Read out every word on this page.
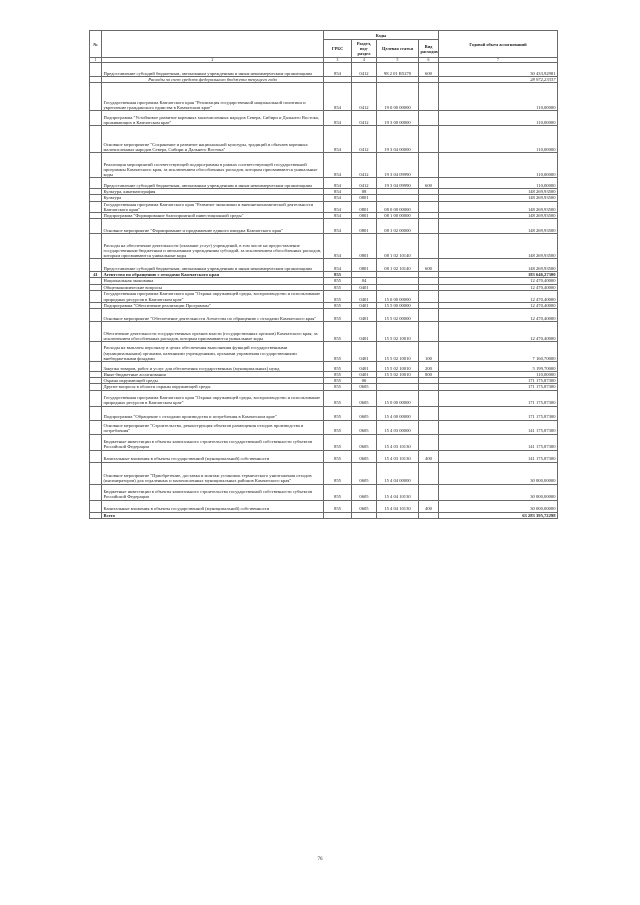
№		Коды				Годовой объем ассигнований
		ГРБС	Раздел, под-раздел	Целевая статья	Вид расходов	
1	2	3	4	5	6	7
	Предоставление субсидий бюджетным, автономным учреждениям и иным некоммерческим организациям	854	0412	98 2 01 R5270	600	30 433,92981
	Расходы за счет средств федерального бюджета текущего года					28 972,23337
	Государственная программа Камчатского края "Реализация государственной национальной политики и укрепление гражданского единства в Камчатском крае"	854	0412	19 0 00 00000		110,00000
	Подпрограмма "Устойчивое развитие коренных малочисленных народов Севера, Сибири и Дальнего Востока, проживающих в Камчатском крае"	854	0412	19 3 00 00000		110,00000
	Основное мероприятие "Сохранение и развитие национальной культуры, традиций и обычаев коренных малочисленных народов Севера, Сибири и Дальнего Востока"	854	0412	19 3 04 00000		110,00000
	Реализация мероприятий соответствующей подпрограммы в рамках соответствующей государственной программы Камчатского края, за исключением обособленных расходов, которым присваиваются уникальные коды	854	0412	19 3 04 09990		110,00000
	Предоставление субсидий бюджетным, автономным учреждениям и иным некоммерческим организациям	854	0412	19 3 04 09990	600	110,00000
	Культура, кинематография	854	08			148 269,93500
	Культура	854	0801			148 269,93500
	Государственная программа Камчатского края "Развитие экономики и внешнеэкономической деятельности Камчатского края"	854	0801	08 0 00 00000		148 269,93500
	Подпрограмма "Формирование благоприятной инвестиционной среды"	854	0801	08 1 00 00000		148 269,93500
	Основное мероприятие "Формирование и продвижение единого имиджа Камчатского края"	854	0801	08 1 02 00000		148 269,93500
	Расходы на обеспечение деятельности (оказание услуг) учреждений, в том числе на предоставление государственным бюджетным и автономным учреждениям субсидий, за исключением обособленных расходов, которым присваиваются уникальные коды	854	0801	08 1 02 10140		148 269,93500
	Предоставление субсидий бюджетным, автономным учреждениям и иным некоммерческим организациям	854	0801	08 1 02 10140	600	148 269,93500
41	Агентство по обращению с отходами Камчатского края	855				183 646,27300
	Национальная экономика	855	04			12 470,40000
	Общеэкономические вопросы	855	0401			12 470,40000
	Государственная программа Камчатского края "Охрана окружающей среды, воспроизводство и использование природных ресурсов в Камчатском крае"	855	0401	15 0 00 00000		12 470,40000
	Подпрограмма "Обеспечение реализации Программы"	855	0401	15 5 00 00000		12 470,40000
	Основное мероприятие "Обеспечение деятельности Агентства по обращению с отходами Камчатского края"	855	0401	15 5 02 00000		12 470,40000
	Обеспечение деятельности государственных органов власти (государственных органов) Камчатского края, за исключением обособленных расходов, которым присваиваются уникальные коды	855	0401	15 5 02 10010		12 470,40000
	Расходы на выплаты персоналу в целях обеспечения выполнения функций государственными (муниципальными) органами, казенными учреждениями, органами управления государственными внебюджетными фондами	855	0401	15 5 02 10010	100	7 160,70000
	Закупка товаров, работ и услуг для обеспечения государственных (муниципальных) нужд	855	0401	15 5 02 10010	200	5 199,70000
	Иные бюджетные ассигнования	855	0401	15 5 02 10010	800	110,00000
	Охрана окружающей среды	855	06			171 175,87300
	Другие вопросы в области охраны окружающей среды	855	0605			171 175,87300
	Государственная программа Камчатского края "Охрана окружающей среды, воспроизводство и использование природных ресурсов в Камчатском крае"	855	0605	15 0 00 00000		171 175,87300
	Подпрограмма "Обращение с отходами производства и потребления в Камчатском крае"	855	0605	15 4 00 00000		171 175,87300
	Основное мероприятие "Строительство, реконструкция объектов размещения отходов производства и потребления"	855	0605	15 4 03 00000		141 175,87300
	Бюджетные инвестиции в объекты капитального строительства государственной собственности субъектов Российской Федерации	855	0605	15 4 03 10130		141 175,87300
	Капитальные вложения в объекты государственной (муниципальной) собственности	855	0605	15 4 03 10130	400	141 175,87300
	Основное мероприятие "Приобретение, доставка и монтаж установок термического уничтожения отходов (инсинераторов) для отдаленных и малочисленных муниципальных районов Камчатского края"	855	0605	15 4 04 00000		30 000,00000
	Бюджетные инвестиции в объекты капитального строительства государственной собственности субъектов Российской Федерации	855	0605	15 4 04 10130		30 000,00000
	Капитальные вложения в объекты государственной (муниципальной) собственности	855	0605	15 4 04 10130	400	30 000,00000
	Всего					63 283 395,72298
76
